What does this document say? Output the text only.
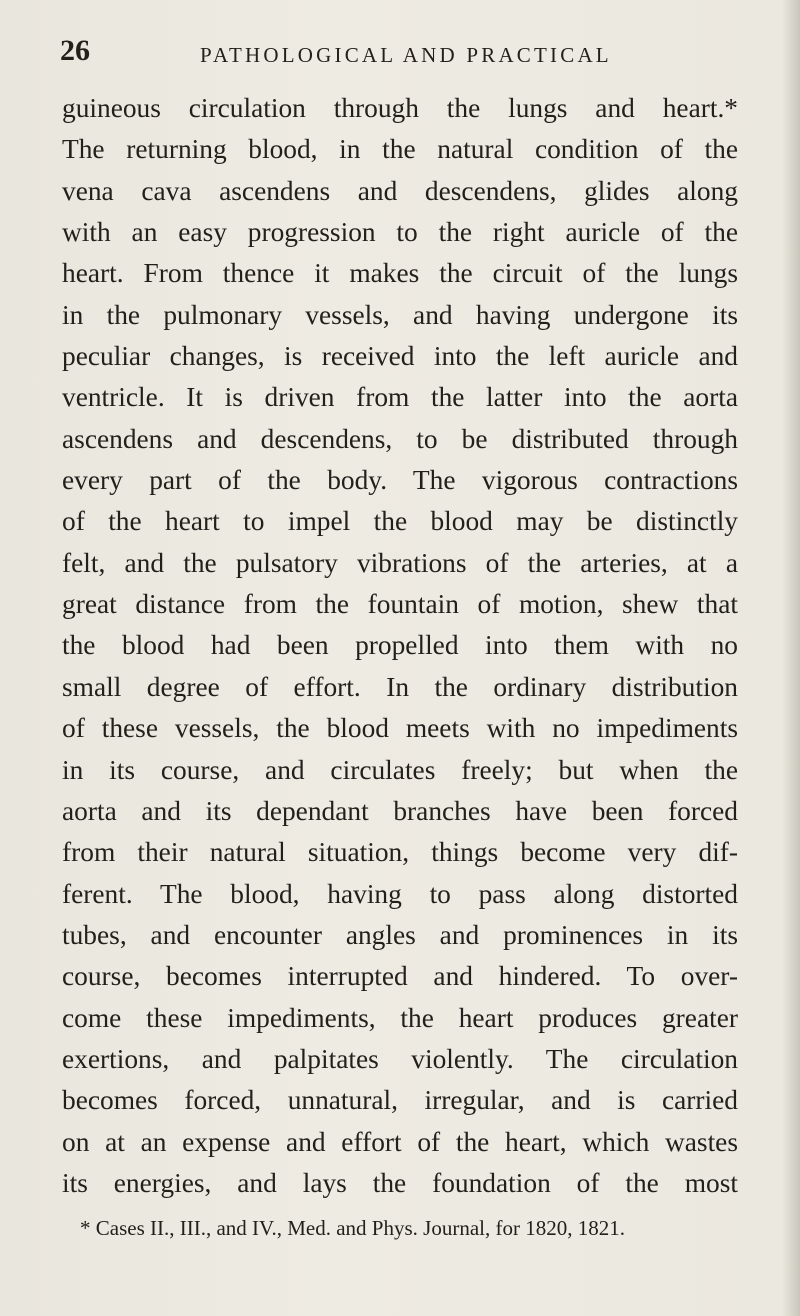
26	PATHOLOGICAL AND PRACTICAL
guineous circulation through the lungs and heart.*
The returning blood, in the natural condition of the
vena cava ascendens and descendens, glides along
with an easy progression to the right auricle of the
heart. From thence it makes the circuit of the lungs
in the pulmonary vessels, and having undergone its
peculiar changes, is received into the left auricle and
ventricle. It is driven from the latter into the aorta
ascendens and descendens, to be distributed through
every part of the body. The vigorous contractions
of the heart to impel the blood may be distinctly
felt, and the pulsatory vibrations of the arteries, at a
great distance from the fountain of motion, shew that
the blood had been propelled into them with no
small degree of effort. In the ordinary distribution
of these vessels, the blood meets with no impediments
in its course, and circulates freely; but when the
aorta and its dependant branches have been forced
from their natural situation, things become very dif-
ferent. The blood, having to pass along distorted
tubes, and encounter angles and prominences in its
course, becomes interrupted and hindered. To over-
come these impediments, the heart produces greater
exertions, and palpitates violently. The circulation
becomes forced, unnatural, irregular, and is carried
on at an expense and effort of the heart, which wastes
its energies, and lays the foundation of the most
* Cases II., III., and IV., Med. and Phys. Journal, for 1820, 1821.
